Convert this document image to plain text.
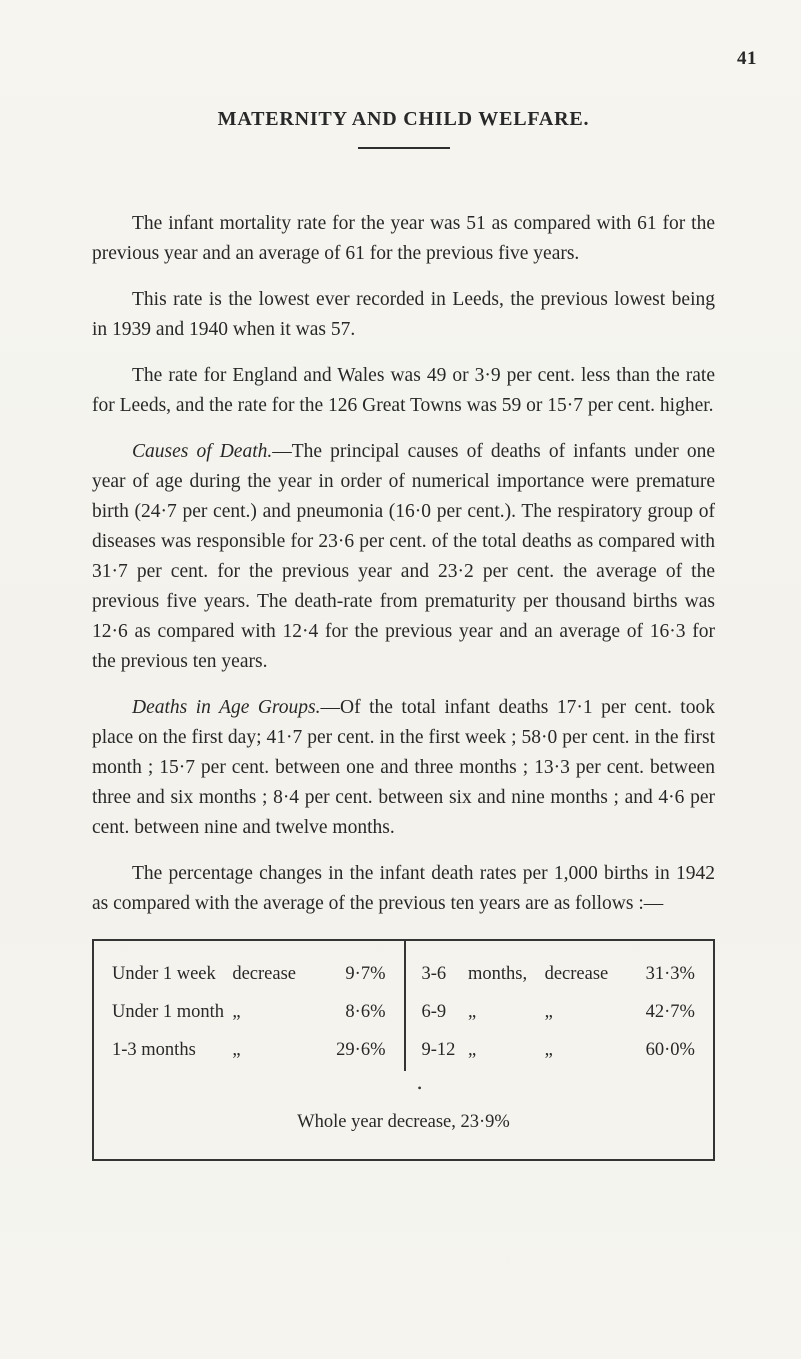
41
MATERNITY AND CHILD WELFARE.

The infant mortality rate for the year was 51 as compared with 61 for the previous year and an average of 61 for the previous five years.

This rate is the lowest ever recorded in Leeds, the previous lowest being in 1939 and 1940 when it was 57.

The rate for England and Wales was 49 or 3·9 per cent. less than the rate for Leeds, and the rate for the 126 Great Towns was 59 or 15·7 per cent. higher.

Causes of Death.—The principal causes of deaths of infants under one year of age during the year in order of numerical importance were premature birth (24·7 per cent.) and pneumonia (16·0 per cent.). The respiratory group of diseases was responsible for 23·6 per cent. of the total deaths as compared with 31·7 per cent. for the previous year and 23·2 per cent. the average of the previous five years. The death-rate from prematurity per thousand births was 12·6 as compared with 12·4 for the previous year and an average of 16·3 for the previous ten years.

Deaths in Age Groups.—Of the total infant deaths 17·1 per cent. took place on the first day; 41·7 per cent. in the first week ; 58·0 per cent. in the first month ; 15·7 per cent. between one and three months ; 13·3 per cent. between three and six months ; 8·4 per cent. between six and nine months ; and 4·6 per cent. between nine and twelve months.

The percentage changes in the infant death rates per 1,000 births in 1942 as compared with the average of the previous ten years are as follows :—

Under 1 week decrease	9·7%
Under 1 month „	8·6%
1-3 months	„	29·6%
3-6	months, decrease	31·3%
6-9	„	„	42·7%
9-12 „	„	60·0%
•
Whole year decrease, 23·9%
